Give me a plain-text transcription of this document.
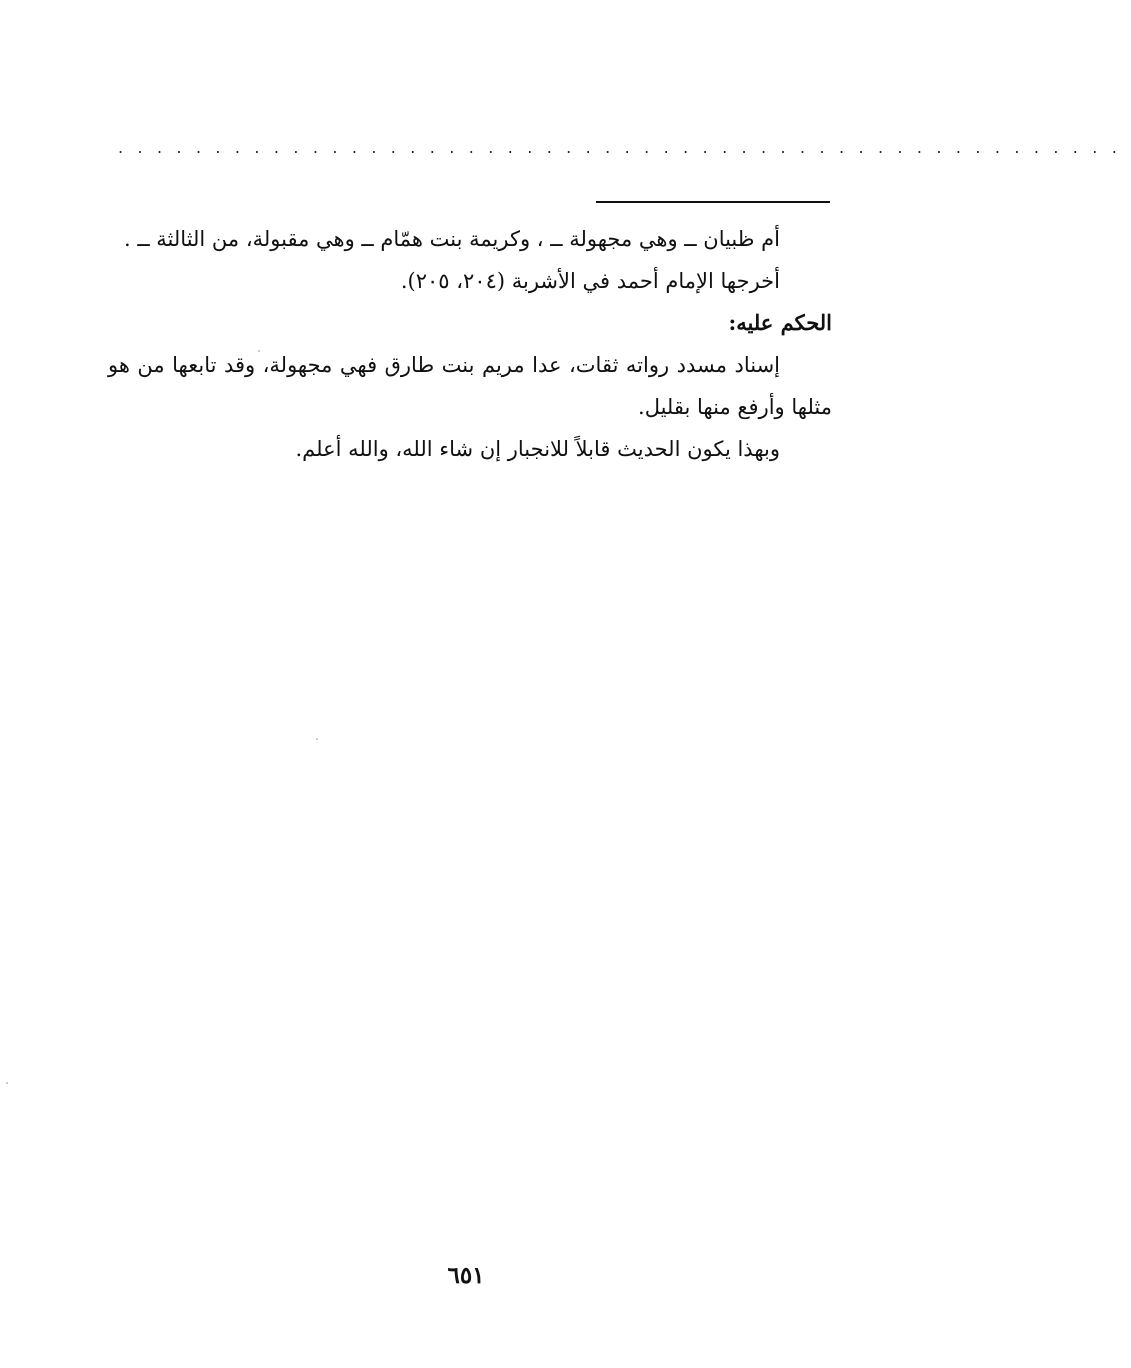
....................................................

أم ظبيان ــ وهي مجهولة ــ ، وكريمة بنت همّام ــ وهي مقبولة، من الثالثة ــ .

أخرجها الإمام أحمد في الأشربة (٢٠٤، ٢٠٥).

الحكم عليه:

إسناد مسدد رواته ثقات، عدا مريم بنت طارق فهي مجهولة، وقد تابعها من هو مثلها وأرفع منها بقليل.

وبهذا يكون الحديث قابلاً للانجبار إن شاء الله، والله أعلم.

٦٥١
